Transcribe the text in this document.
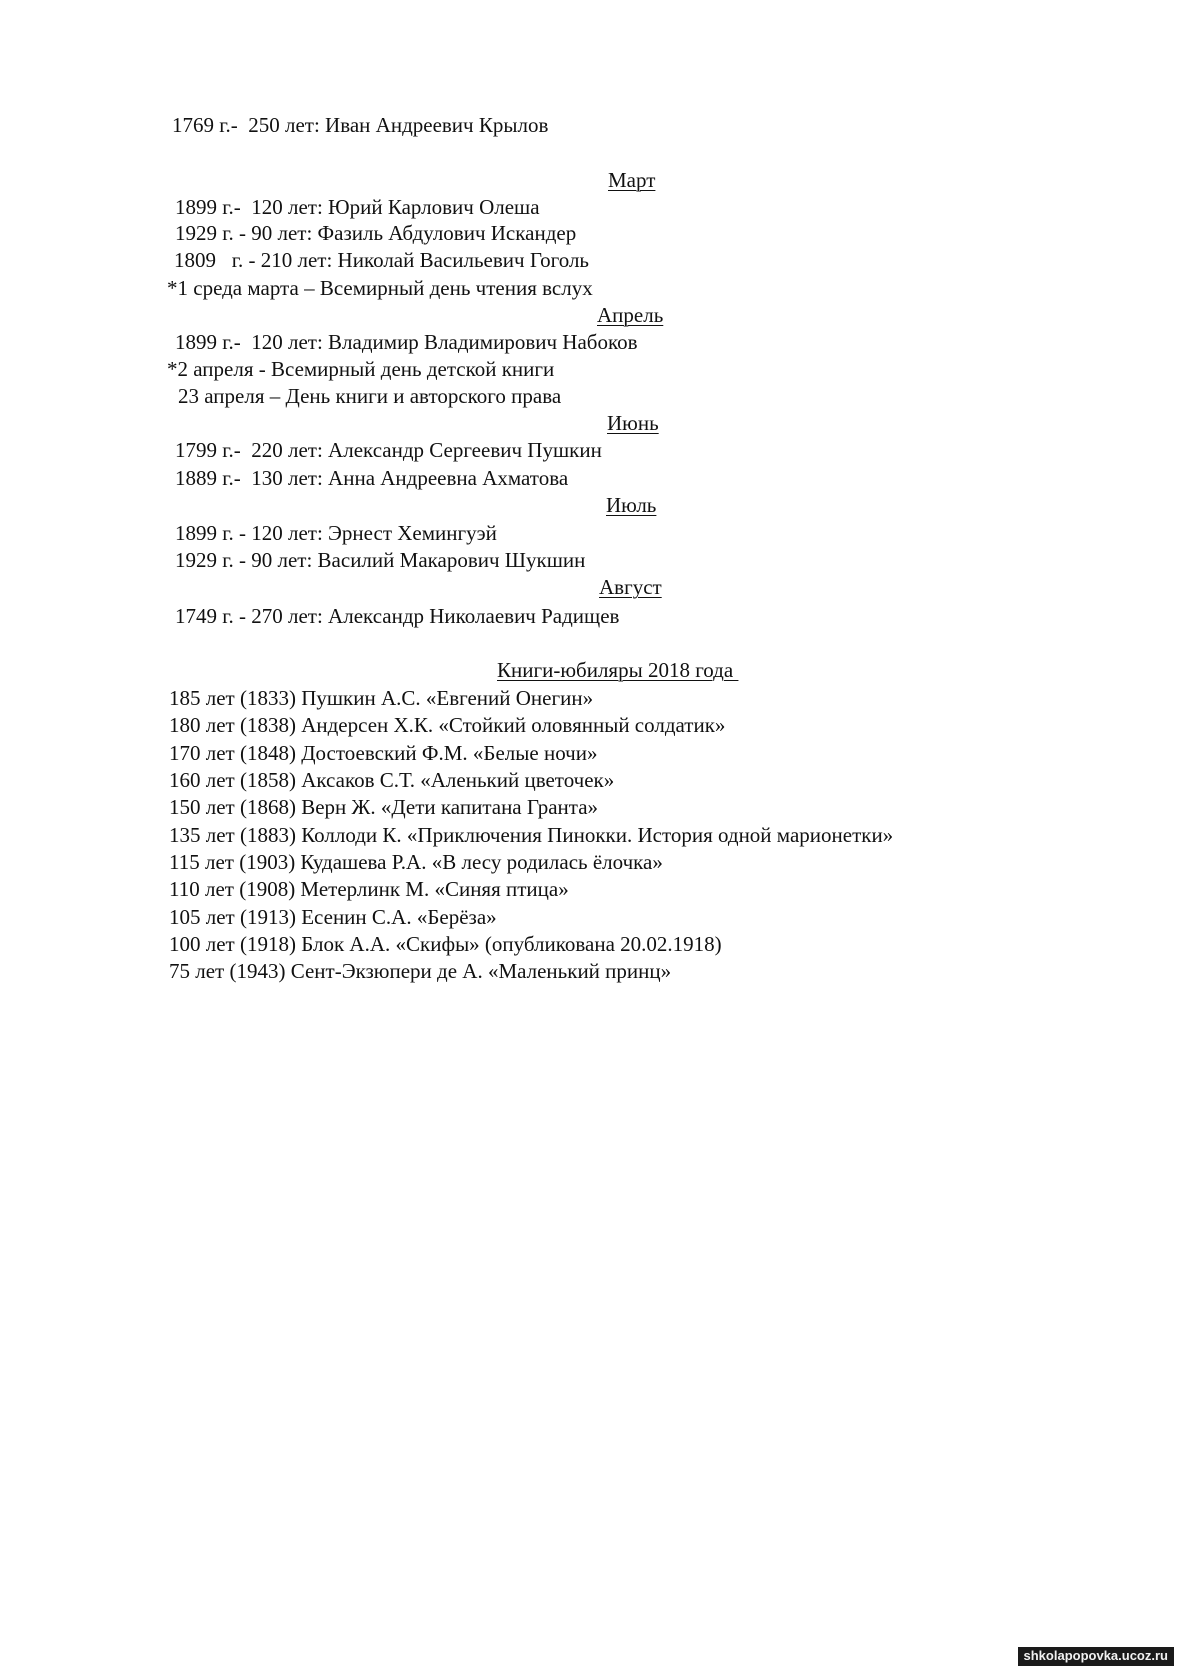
1769 г.-  250 лет: Иван Андреевич Крылов
Март
1899 г.-  120 лет: Юрий Карлович Олеша
1929 г. - 90 лет: Фазиль Абдулович Искандер
1809   г. - 210 лет: Николай Васильевич Гоголь
*1 среда марта – Всемирный день чтения вслух
Апрель
1899 г.-  120 лет: Владимир Владимирович Набоков
*2 апреля - Всемирный день детской книги
23 апреля – День книги и авторского права
Июнь
1799 г.-  220 лет: Александр Сергеевич Пушкин
1889 г.-  130 лет: Анна Андреевна Ахматова
Июль
1899 г. - 120 лет: Эрнест Хемингуэй
1929 г. - 90 лет: Василий Макарович Шукшин
Август
1749 г. - 270 лет: Александр Николаевич Радищев
Книги-юбиляры 2018 года
185 лет (1833) Пушкин А.С. «Евгений Онегин»
180 лет (1838) Андерсен Х.К. «Стойкий оловянный солдатик»
170 лет (1848) Достоевский Ф.М. «Белые ночи»
160 лет (1858) Аксаков С.Т. «Аленький цветочек»
150 лет (1868) Верн Ж. «Дети капитана Гранта»
135 лет (1883) Коллоди К. «Приключения Пинокки. История одной марионетки»
115 лет (1903) Кудашева Р.А. «В лесу родилась ёлочка»
110 лет (1908) Метерлинк М. «Синяя птица»
105 лет (1913) Есенин С.А. «Берёза»
100 лет (1918) Блок А.А. «Скифы» (опубликована 20.02.1918)
75 лет (1943) Сент-Экзюпери де А. «Маленький принц»
shkolapopovka.ucoz.ru
